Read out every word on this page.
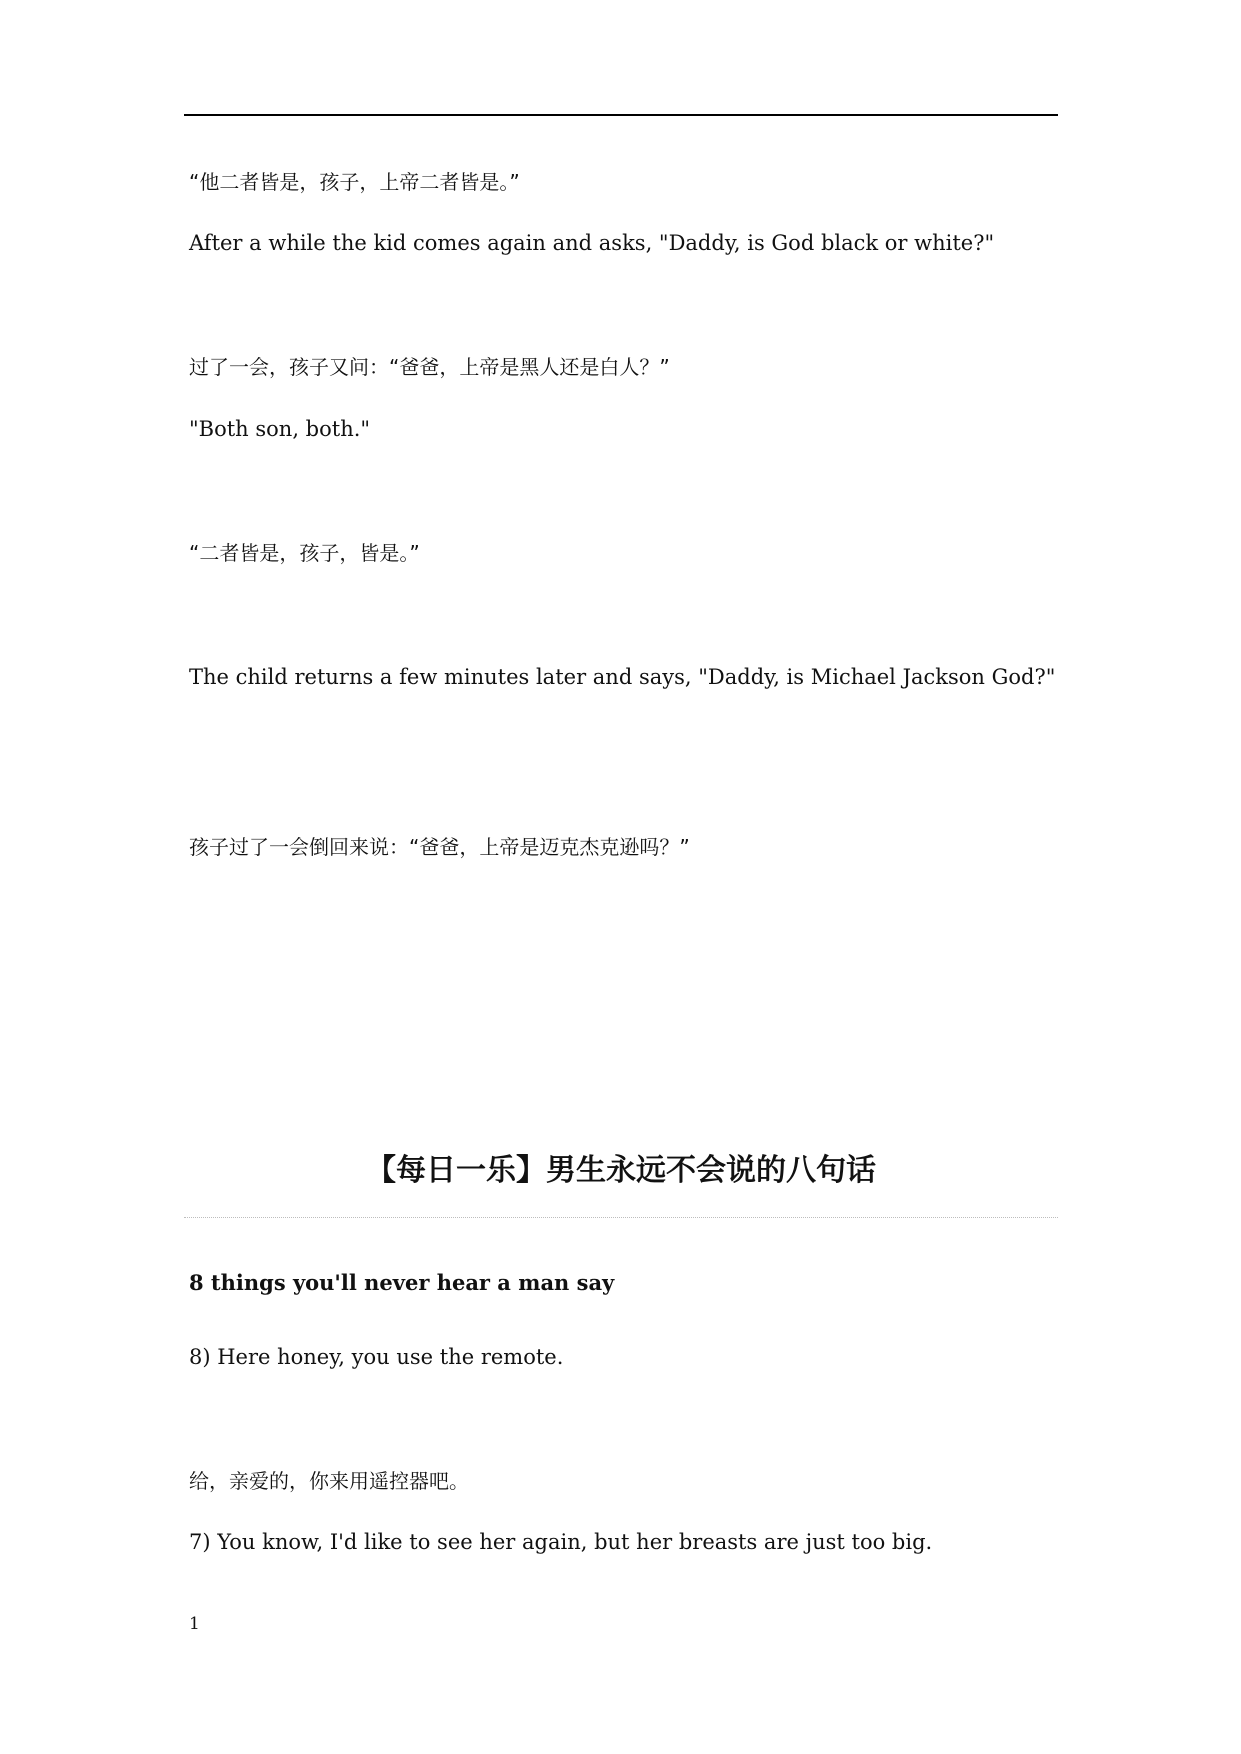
“他二者皆是，孩子，上帝二者皆是。”
After a while the kid comes again and asks, "Daddy, is God black or white?"
过了一会，孩子又问：“爸爸，上帝是黑人还是白人？”
"Both son, both."
“二者皆是，孩子，皆是。”
The child returns a few minutes later and says, "Daddy, is Michael Jackson God?"
孩子过了一会倒回来说：“爸爸，上帝是迈克杰克逊吗？”
【每日一乐】男生永远不会说的八句话
8 things you'll never hear a man say
8) Here honey, you use the remote.
给，亲爱的，你来用遥控器吧。
7) You know, I'd like to see her again, but her breasts are just too big.
1
